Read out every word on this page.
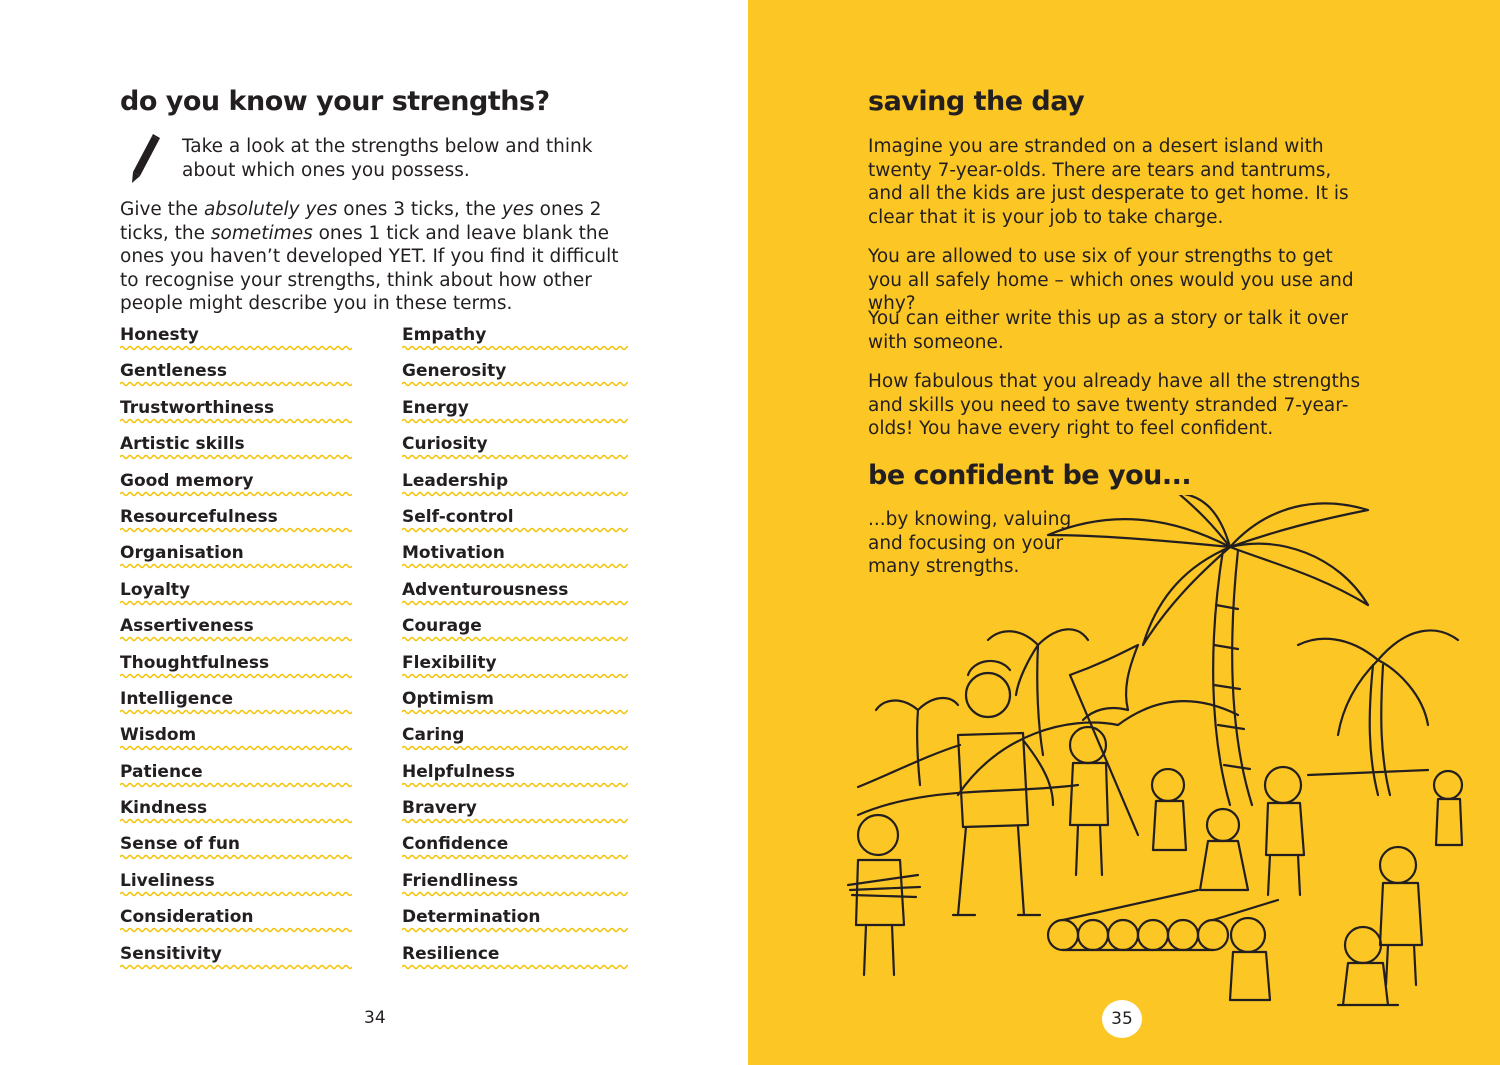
do you know your strengths?

Take a look at the strengths below and think about which ones you possess.

Give the absolutely yes ones 3 ticks, the yes ones 2 ticks, the sometimes ones 1 tick and leave blank the ones you haven’t developed YET. If you find it difficult to recognise your strengths, think about how other people might describe you in these terms.

Honesty
Gentleness
Trustworthiness
Artistic skills
Good memory
Resourcefulness
Organisation
Loyalty
Assertiveness
Thoughtfulness
Intelligence
Wisdom
Patience
Kindness
Sense of fun
Liveliness
Consideration
Sensitivity
Empathy
Generosity
Energy
Curiosity
Leadership
Self-control
Motivation
Adventurousness
Courage
Flexibility
Optimism
Caring
Helpfulness
Bravery
Confidence
Friendliness
Determination
Resilience
34
saving the day

Imagine you are stranded on a desert island with twenty 7-year-olds. There are tears and tantrums, and all the kids are just desperate to get home. It is clear that it is your job to take charge.

You are allowed to use six of your strengths to get you all safely home – which ones would you use and why?

You can either write this up as a story or talk it over with someone.

How fabulous that you already have all the strengths and skills you need to save twenty stranded 7-year-olds! You have every right to feel confident.

be confident be you...

...by knowing, valuing and focusing on your many strengths.

35
